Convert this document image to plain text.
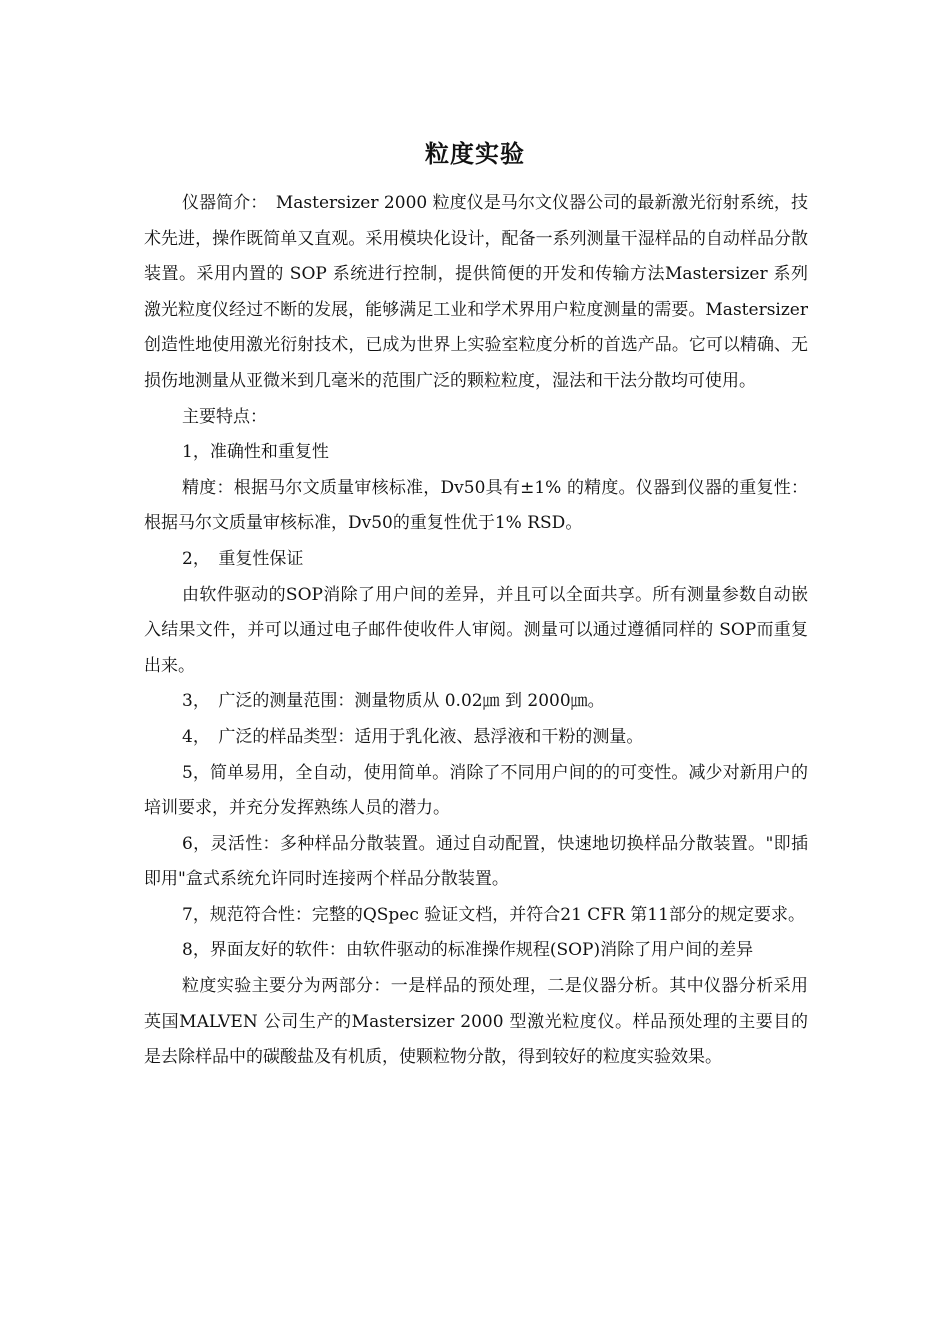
粒度实验

仪器简介：　Mastersizer 2000 粒度仪是马尔文仪器公司的最新激光衍射系统，技术先进，操作既简单又直观。采用模块化设计，配备一系列测量干湿样品的自动样品分散装置。采用内置的 SOP 系统进行控制，提供简便的开发和传输方法Mastersizer 系列激光粒度仪经过不断的发展，能够满足工业和学术界用户粒度测量的需要。Mastersizer 创造性地使用激光衍射技术，已成为世界上实验室粒度分析的首选产品。它可以精确、无损伤地测量从亚微米到几毫米的范围广泛的颗粒粒度，湿法和干法分散均可使用。

主要特点：

1，准确性和重复性

精度：根据马尔文质量审核标准，Dv50具有±1% 的精度。仪器到仪器的重复性：根据马尔文质量审核标准，Dv50的重复性优于1% RSD。

2，　重复性保证

由软件驱动的SOP消除了用户间的差异，并且可以全面共享。所有测量参数自动嵌入结果文件，并可以通过电子邮件使收件人审阅。测量可以通过遵循同样的 SOP而重复出来。

3，　广泛的测量范围：测量物质从 0.02㎛ 到 2000㎛。

4，　广泛的样品类型：适用于乳化液、悬浮液和干粉的测量。

5，简单易用，全自动，使用简单。消除了不同用户间的的可变性。减少对新用户的培训要求，并充分发挥熟练人员的潜力。

6，灵活性：多种样品分散装置。通过自动配置，快速地切换样品分散装置。"即插即用"盒式系统允许同时连接两个样品分散装置。

7，规范符合性：完整的QSpec 验证文档，并符合21 CFR 第11部分的规定要求。

8，界面友好的软件：由软件驱动的标准操作规程(SOP)消除了用户间的差异

粒度实验主要分为两部分：一是样品的预处理，二是仪器分析。其中仪器分析采用英国MALVEN 公司生产的Mastersizer 2000 型激光粒度仪。样品预处理的主要目的是去除样品中的碳酸盐及有机质，使颗粒物分散，得到较好的粒度实验效果。
